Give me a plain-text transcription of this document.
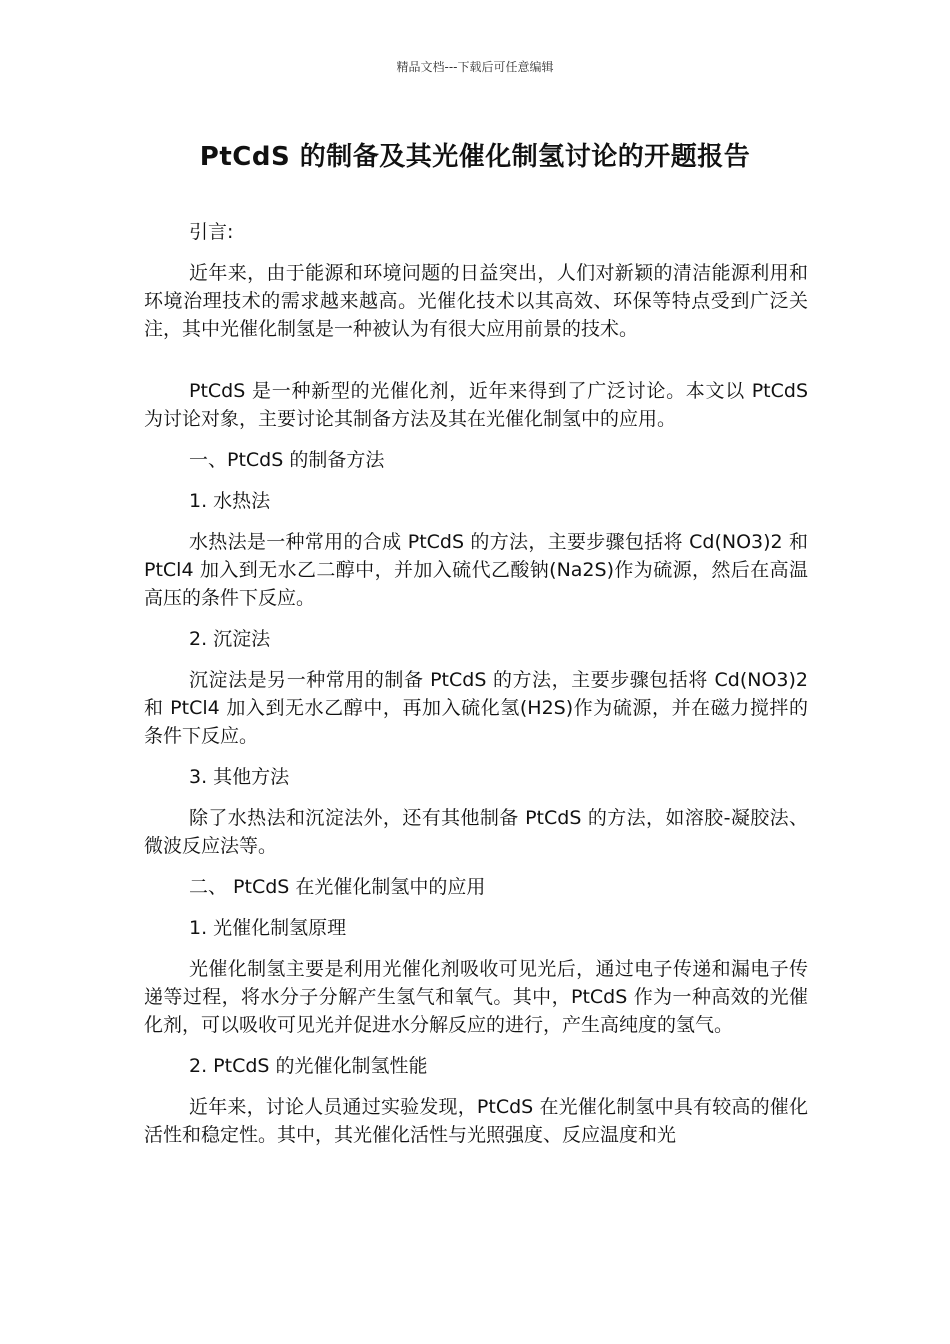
精品文档---下载后可任意编辑
PtCdS 的制备及其光催化制氢讨论的开题报告
引言:

近年来，由于能源和环境问题的日益突出，人们对新颖的清洁能源利用和环境治理技术的需求越来越高。光催化技术以其高效、环保等特点受到广泛关注，其中光催化制氢是一种被认为有很大应用前景的技术。

PtCdS 是一种新型的光催化剂，近年来得到了广泛讨论。本文以 PtCdS 为讨论对象，主要讨论其制备方法及其在光催化制氢中的应用。

一、PtCdS 的制备方法
1. 水热法

水热法是一种常用的合成 PtCdS 的方法，主要步骤包括将 Cd(NO3)2 和 PtCl4 加入到无水乙二醇中，并加入硫代乙酸钠(Na2S)作为硫源，然后在高温高压的条件下反应。

2. 沉淀法

沉淀法是另一种常用的制备 PtCdS 的方法，主要步骤包括将 Cd(NO3)2 和 PtCl4 加入到无水乙醇中，再加入硫化氢(H2S)作为硫源，并在磁力搅拌的条件下反应。

3. 其他方法

除了水热法和沉淀法外，还有其他制备 PtCdS 的方法，如溶胶-凝胶法、微波反应法等。

二、 PtCdS 在光催化制氢中的应用
1. 光催化制氢原理

光催化制氢主要是利用光催化剂吸收可见光后，通过电子传递和漏电子传递等过程，将水分子分解产生氢气和氧气。其中，PtCdS 作为一种高效的光催化剂，可以吸收可见光并促进水分解反应的进行，产生高纯度的氢气。

2. PtCdS 的光催化制氢性能

近年来，讨论人员通过实验发现，PtCdS 在光催化制氢中具有较高的催化活性和稳定性。其中，其光催化活性与光照强度、反应温度和光
